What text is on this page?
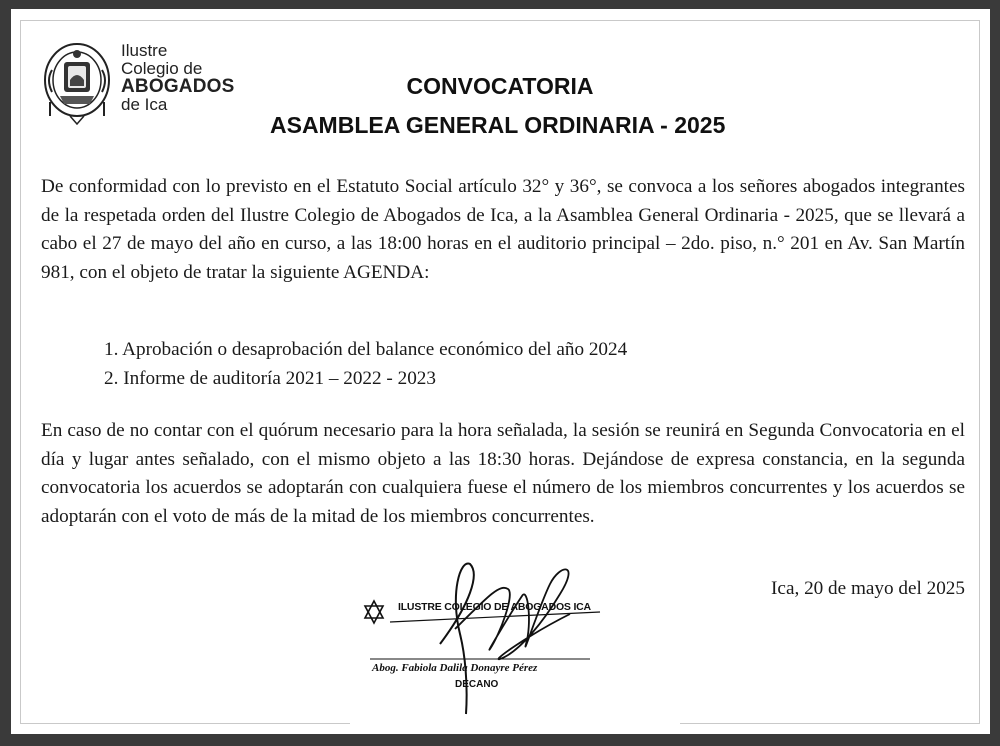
Ilustre
Colegio de
ABOGADOS
de Ica
CONVOCATORIA
ASAMBLEA GENERAL ORDINARIA - 2025
De conformidad con lo previsto en el Estatuto Social artículo 32° y 36°, se convoca a los señores abogados integrantes de la respetada orden del Ilustre Colegio de Abogados de Ica, a la Asamblea General Ordinaria - 2025, que se llevará a cabo el 27 de mayo del año en curso, a las 18:00 horas en el auditorio principal – 2do. piso, n.° 201 en Av. San Martín 981, con el objeto de tratar la siguiente AGENDA:
1. Aprobación o desaprobación del balance económico del año 2024
2. Informe de auditoría 2021 – 2022 - 2023
En caso de no contar con el quórum necesario para la hora señalada, la sesión se reunirá en Segunda Convocatoria en el día y lugar antes señalado, con el mismo objeto a las 18:30 horas. Dejándose de expresa constancia, en la segunda convocatoria los acuerdos se adoptarán con cualquiera fuese el número de los miembros concurrentes y los acuerdos se adoptarán con el voto de más de la mitad de los miembros concurrentes.
Ica, 20 de mayo del 2025
ILUSTRE COLEGIO DE ABOGADOS ICA
Abog. Fabiola Dalila Donayre Pérez
DECANO
